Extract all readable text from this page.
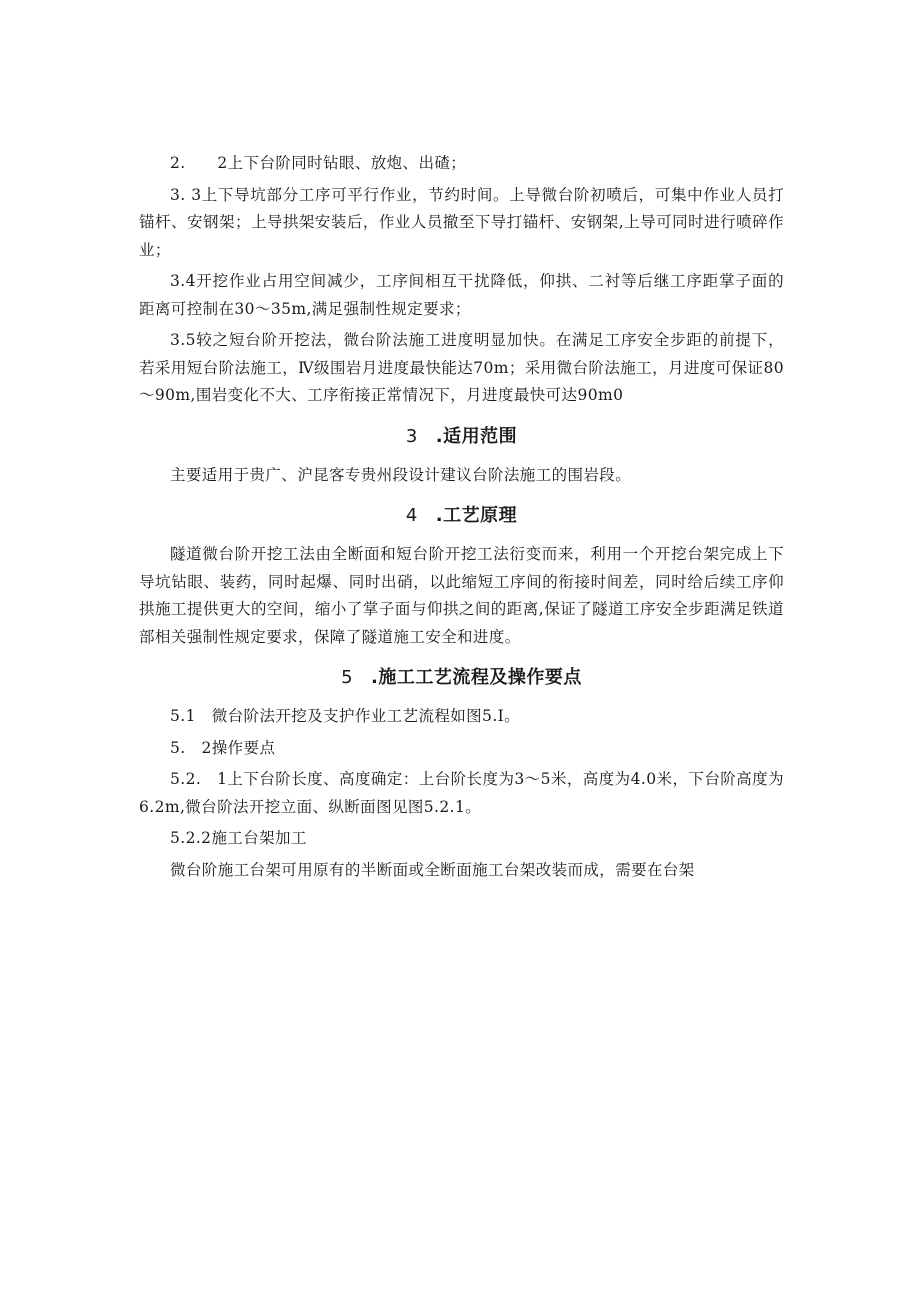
2.　　2上下台阶同时钻眼、放炮、出碴；

3. 3上下导坑部分工序可平行作业，节约时间。上导微台阶初喷后，可集中作业人员打锚杆、安钢架；上导拱架安装后，作业人员撤至下导打锚杆、安钢架,上导可同时进行喷碎作业；

3.4开挖作业占用空间减少，工序间相互干扰降低，仰拱、二衬等后继工序距掌子面的距离可控制在30～35m,满足强制性规定要求；

3.5较之短台阶开挖法，微台阶法施工进度明显加快。在满足工序安全步距的前提下，若采用短台阶法施工，Ⅳ级围岩月进度最快能达70m；采用微台阶法施工，月进度可保证80～90m,围岩变化不大、工序衔接正常情况下，月进度最快可达90m0

3 .适用范围

主要适用于贵广、沪昆客专贵州段设计建议台阶法施工的围岩段。

4 .工艺原理

隧道微台阶开挖工法由全断面和短台阶开挖工法衍变而来，利用一个开挖台架完成上下导坑钻眼、装药，同时起爆、同时出硝，以此缩短工序间的衔接时间差，同时给后续工序仰拱施工提供更大的空间，缩小了掌子面与仰拱之间的距离,保证了隧道工序安全步距满足铁道部相关强制性规定要求，保障了隧道施工安全和进度。

5 .施工工艺流程及操作要点

5.1　微台阶法开挖及支护作业工艺流程如图5.I。

5.　2操作要点

5.2.　1上下台阶长度、高度确定：上台阶长度为3～5米，高度为4.0米，下台阶高度为6.2m,微台阶法开挖立面、纵断面图见图5.2.1。

5.2.2施工台架加工

微台阶施工台架可用原有的半断面或全断面施工台架改装而成，需要在台架
